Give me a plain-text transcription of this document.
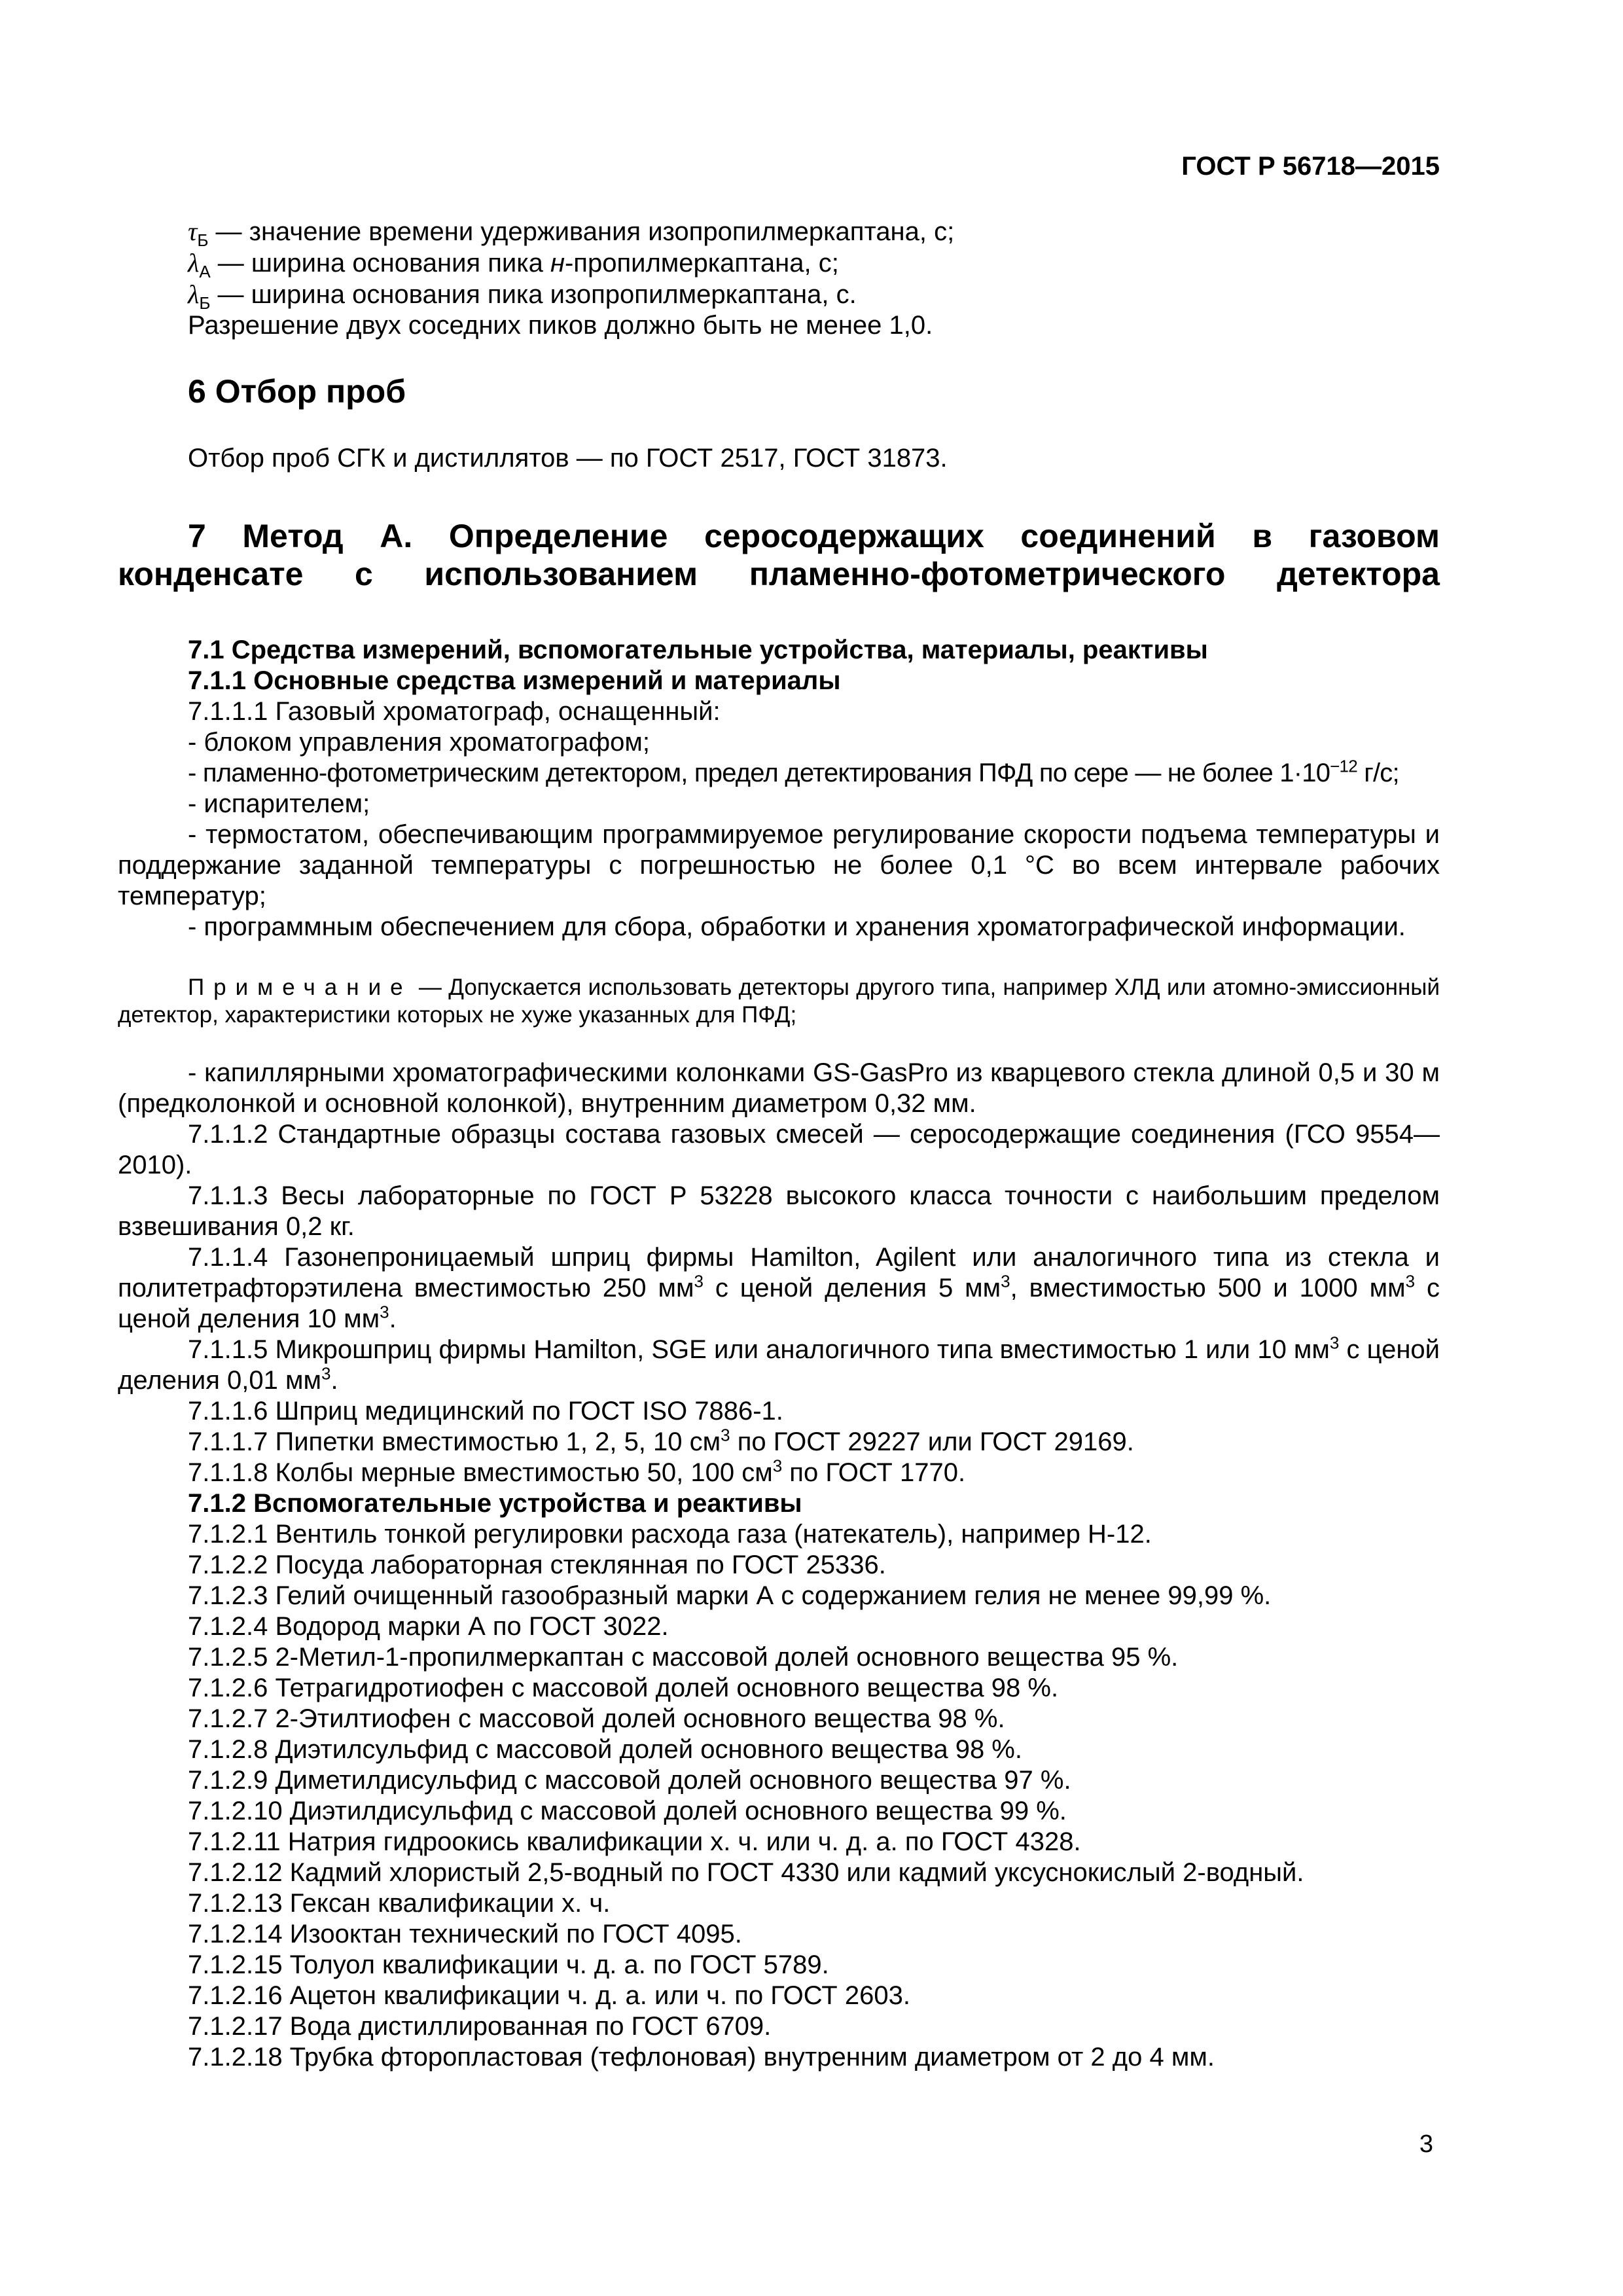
ГОСТ Р 56718—2015

$\tau_Б$ — значение времени удерживания изопропилмеркаптана, с;

$\lambda_А$ — ширина основания пика н-пропилмеркаптана, с;

$\lambda_Б$ — ширина основания пика изопропилмеркаптана, с.

Разрешение двух соседних пиков должно быть не менее 1,0.

6 Отбор проб

Отбор проб СГК и дистиллятов — по ГОСТ 2517, ГОСТ 31873.

7 Метод А. Определение серосодержащих соединений в газовом

конденсате с использованием пламенно-фотометрического детектора

7.1 Средства измерений, вспомогательные устройства, материалы, реактивы

7.1.1 Основные средства измерений и материалы

7.1.1.1 Газовый хроматограф, оснащенный:

- блоком управления хроматографом;

- пламенно-фотометрическим детектором, предел детектирования ПФД по сере — не более $1\cdot 10^{-12}$ г/с;

- испарителем;

- термостатом, обеспечивающим программируемое регулирование скорости подъема температуры и поддержание заданной температуры с погрешностью не более 0,1 °С во всем интервале рабочих температур;

- программным обеспечением для сбора, обработки и хранения хроматографической информации.

Примечание — Допускается использовать детекторы другого типа, например ХЛД или атомно-эмиссионный детектор, характеристики которых не хуже указанных для ПФД;

- капиллярными хроматографическими колонками GS-GasPro из кварцевого стекла длиной 0,5 и 30 м (предколонкой и основной колонкой), внутренним диаметром 0,32 мм.

7.1.1.2 Стандартные образцы состава газовых смесей — серосодержащие соединения (ГСО 9554—2010).

7.1.1.3 Весы лабораторные по ГОСТ Р 53228 высокого класса точности с наибольшим пределом взвешивания 0,2 кг.

7.1.1.4 Газонепроницаемый шприц фирмы Hamilton, Agilent или аналогичного типа из стекла и политетрафторэтилена вместимостью 250 $мм^3$ с ценой деления 5 $мм^3$, вместимостью 500 и 1000 $мм^3$ с ценой деления 10 $мм^3$.

7.1.1.5 Микрошприц фирмы Hamilton, SGE или аналогичного типа вместимостью 1 или 10 $мм^3$ с ценой деления 0,01 $мм^3$.

7.1.1.6 Шприц медицинский по ГОСТ ISO 7886-1.

7.1.1.7 Пипетки вместимостью 1, 2, 5, 10 $см^3$ по ГОСТ 29227 или ГОСТ 29169.

7.1.1.8 Колбы мерные вместимостью 50, 100 $см^3$ по ГОСТ 1770.

7.1.2 Вспомогательные устройства и реактивы

7.1.2.1 Вентиль тонкой регулировки расхода газа (натекатель), например Н-12.

7.1.2.2 Посуда лабораторная стеклянная по ГОСТ 25336.

7.1.2.3 Гелий очищенный газообразный марки А с содержанием гелия не менее 99,99 %.

7.1.2.4 Водород марки А по ГОСТ 3022.

7.1.2.5 2-Метил-1-пропилмеркаптан с массовой долей основного вещества 95 %.

7.1.2.6 Тетрагидротиофен с массовой долей основного вещества 98 %.

7.1.2.7 2-Этилтиофен с массовой долей основного вещества 98 %.

7.1.2.8 Диэтилсульфид с массовой долей основного вещества 98 %.

7.1.2.9 Диметилдисульфид с массовой долей основного вещества 97 %.

7.1.2.10 Диэтилдисульфид с массовой долей основного вещества 99 %.

7.1.2.11 Натрия гидроокись квалификации х. ч. или ч. д. а. по ГОСТ 4328.

7.1.2.12 Кадмий хлористый 2,5-водный по ГОСТ 4330 или кадмий уксуснокислый 2-водный.

7.1.2.13 Гексан квалификации х. ч.

7.1.2.14 Изооктан технический по ГОСТ 4095.

7.1.2.15 Толуол квалификации ч. д. а. по ГОСТ 5789.

7.1.2.16 Ацетон квалификации ч. д. а. или ч. по ГОСТ 2603.

7.1.2.17 Вода дистиллированная по ГОСТ 6709.

7.1.2.18 Трубка фторопластовая (тефлоновая) внутренним диаметром от 2 до 4 мм.

3
